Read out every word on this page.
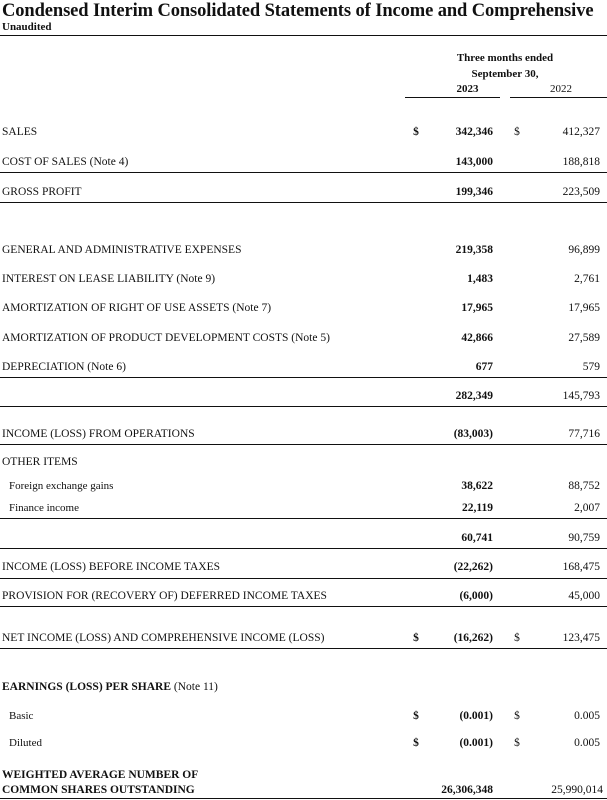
Condensed Interim Consolidated Statements of Income and Comprehensive
Unaudited
Three months ended
September 30,
2023	2022
SALES	$	342,346 $	412,327
COST OF SALES (Note 4)	143,000	188,818
GROSS PROFIT	199,346	223,509
GENERAL AND ADMINISTRATIVE EXPENSES	219,358	96,899
INTEREST ON LEASE LIABILITY (Note 9)	1,483	2,761
AMORTIZATION OF RIGHT OF USE ASSETS (Note 7)	17,965	17,965
AMORTIZATION OF PRODUCT DEVELOPMENT COSTS (Note 5)	42,866	27,589
DEPRECIATION (Note 6)	677	579
282,349	145,793
INCOME (LOSS) FROM OPERATIONS	(83,003)	77,716
OTHER ITEMS
Foreign exchange gains	38,622	88,752
Finance income	22,119	2,007
60,741	90,759
INCOME (LOSS) BEFORE INCOME TAXES	(22,262)	168,475
PROVISION FOR (RECOVERY OF) DEFERRED INCOME TAXES	(6,000)	45,000
NET INCOME (LOSS) AND COMPREHENSIVE INCOME (LOSS)	$	(16,262) $	123,475
EARNINGS (LOSS) PER SHARE (Note 11)
Basic	$	(0.001) $	0.005
Diluted	$	(0.001) $	0.005
WEIGHTED AVERAGE NUMBER OF
COMMON SHARES OUTSTANDING	26,306,348	25,990,014
